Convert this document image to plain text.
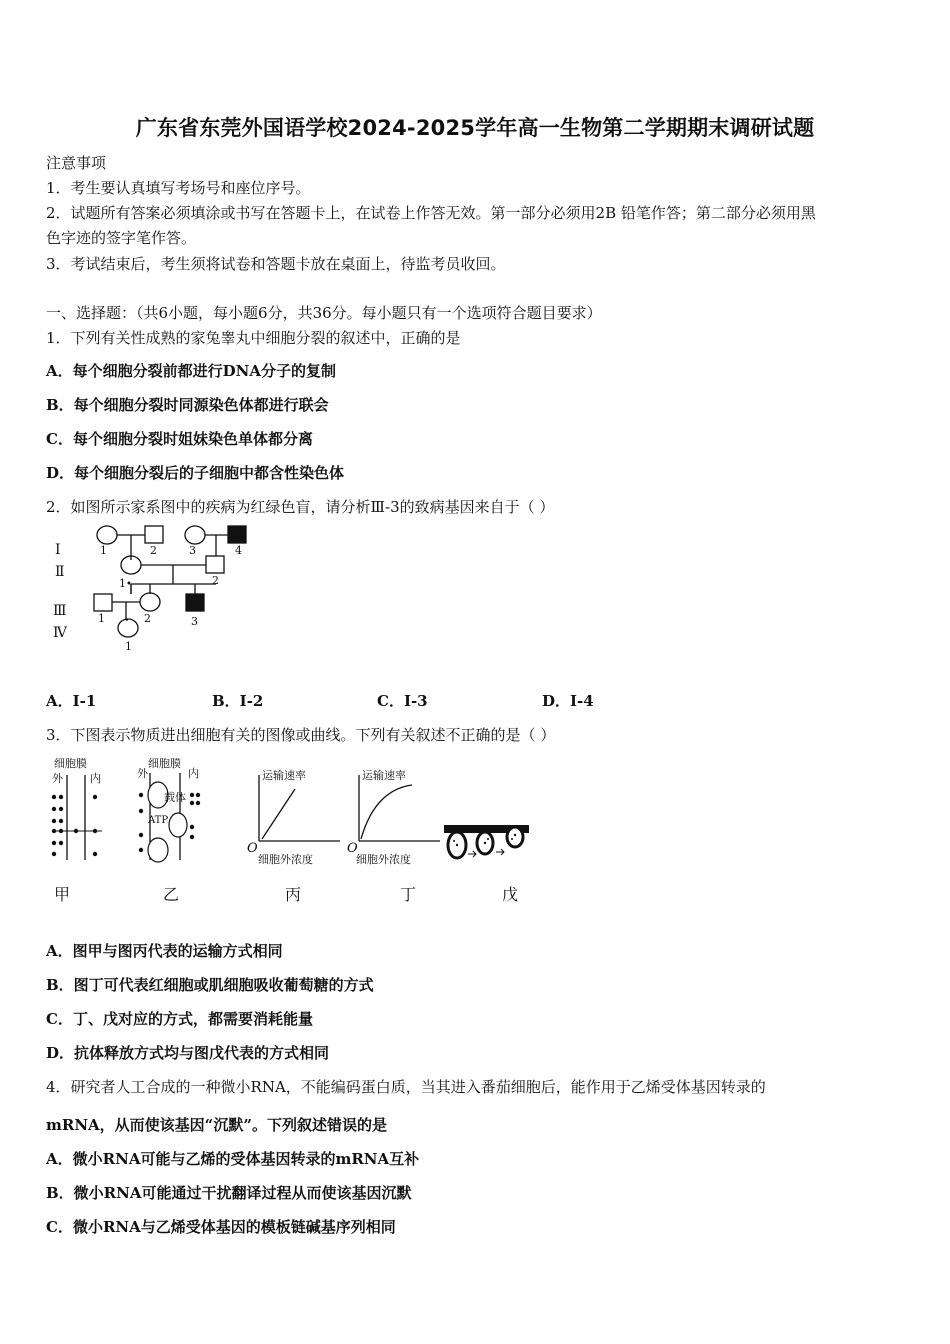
广东省东莞外国语学校2024-2025学年高一生物第二学期期末调研试题
注意事项
1．考生要认真填写考场号和座位序号。
2．试题所有答案必须填涂或书写在答题卡上，在试卷上作答无效。第一部分必须用2B 铅笔作答；第二部分必须用黑
色字迹的签字笔作答。
3．考试结束后，考生须将试卷和答题卡放在桌面上，待监考员收回。
一、选择题：（共6小题，每小题6分，共36分。每小题只有一个选项符合题目要求）
1．下列有关性成熟的家兔睾丸中细胞分裂的叙述中，正确的是
A．每个细胞分裂前都进行DNA分子的复制
B．每个细胞分裂时同源染色体都进行联会
C．每个细胞分裂时姐妹染色单体都分离
D．每个细胞分裂后的子细胞中都含性染色体
2．如图所示家系图中的疾病为红绿色盲，请分析Ⅲ-3的致病基因来自于（ ）
Ⅰ
Ⅱ
Ⅲ
Ⅳ
1	2	3	4
1	2
1	2	3
1
A．Ⅰ-1	B．Ⅰ-2	C．Ⅰ-3	D．Ⅰ-4
3．下图表示物质进出细胞有关的图像或曲线。下列有关叙述不正确的是（ ）
细胞膜
外 内
甲
细胞膜
外	内
载体
ATP
乙
运输速率
O
细胞外浓度
丙
运输速率
O
细胞外浓度
丁	戊
A．图甲与图丙代表的运输方式相同
B．图丁可代表红细胞或肌细胞吸收葡萄糖的方式
C．丁、戊对应的方式，都需要消耗能量
D．抗体释放方式均与图戊代表的方式相同
4．研究者人工合成的一种微小RNA，不能编码蛋白质，当其进入番茄细胞后，能作用于乙烯受体基因转录的
mRNA，从而使该基因“沉默”。下列叙述错误的是
A．微小RNA可能与乙烯的受体基因转录的mRNA互补
B．微小RNA可能通过干扰翻译过程从而使该基因沉默
C．微小RNA与乙烯受体基因的模板链碱基序列相同
